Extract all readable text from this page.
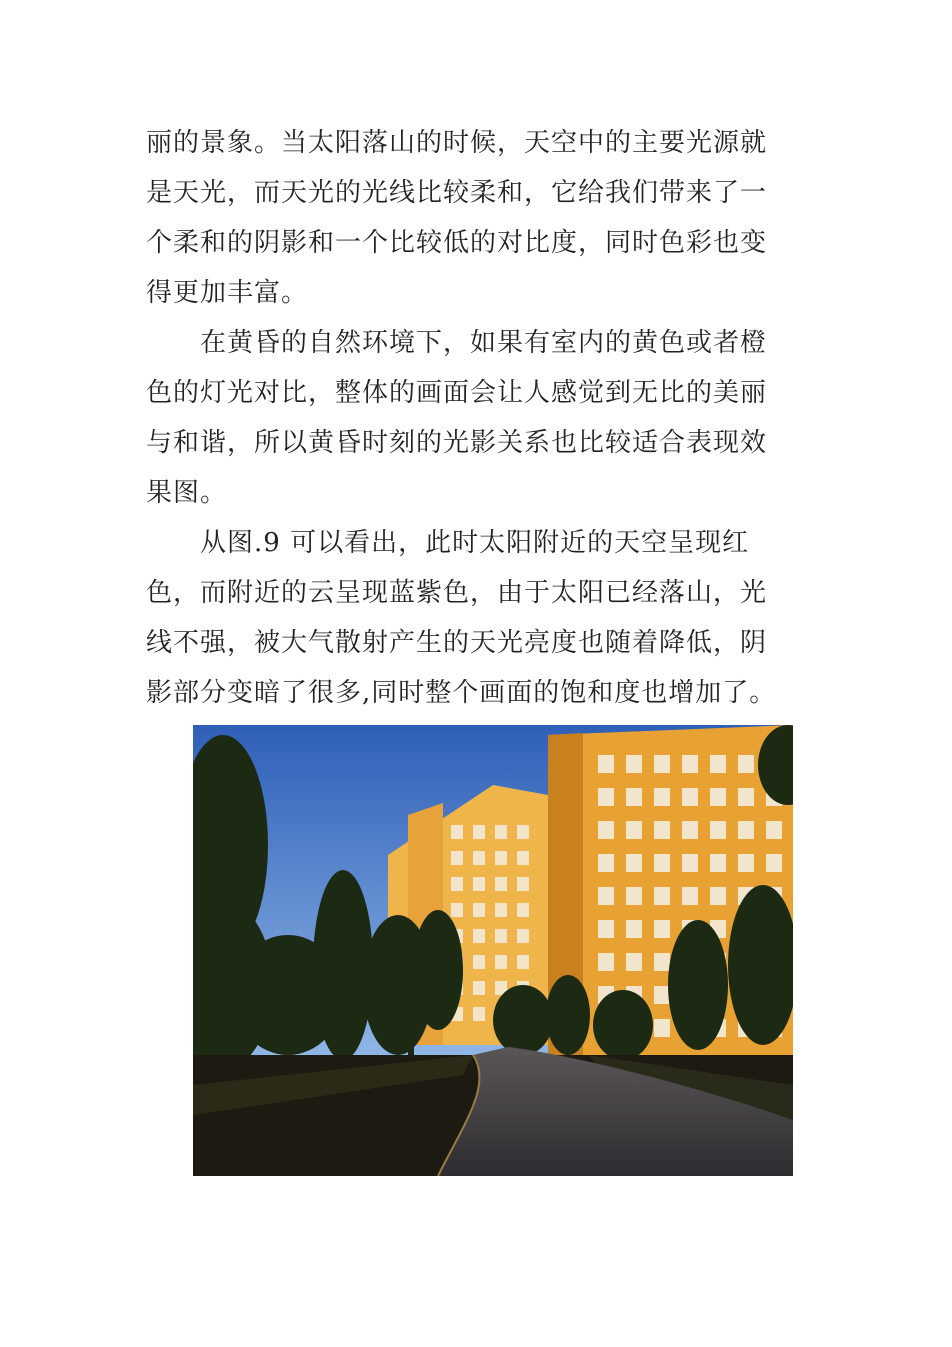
丽的景象。当太阳落山的时候，天空中的主要光源就
是天光，而天光的光线比较柔和，它给我们带来了一
个柔和的阴影和一个比较低的对比度，同时色彩也变
得更加丰富。
　　在黄昏的自然环境下，如果有室内的黄色或者橙
色的灯光对比，整体的画面会让人感觉到无比的美丽
与和谐，所以黄昏时刻的光影关系也比较适合表现效
果图。
　　从图.9 可以看出，此时太阳附近的天空呈现红
色，而附近的云呈现蓝紫色，由于太阳已经落山，光
线不强，被大气散射产生的天光亮度也随着降低，阴
影部分变暗了很多,同时整个画面的饱和度也增加了。
